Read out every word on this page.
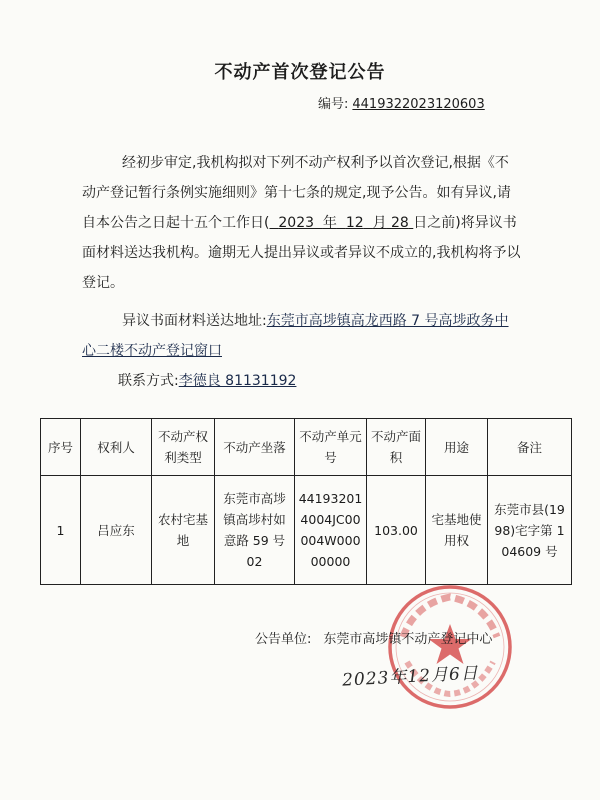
不动产首次登记公告
编号: 4419322023120603
经初步审定,我机构拟对下列不动产权利予以首次登记,根据《不动产登记暂行条例实施细则》第十七条的规定,现予公告。如有异议,请自本公告之日起十五个工作日( 2023 年 12 月 28 日之前)将异议书面材料送达我机构。逾期无人提出异议或者异议不成立的,我机构将予以登记。
异议书面材料送达地址:东莞市高埗镇高龙西路 7 号高埗政务中心二楼不动产登记窗口
联系方式:李德良 81131192
序号	权利人	不动产权利类型	不动产坐落	不动产单元号	不动产面积	用途	备注
1	吕应东	农村宅基地	东莞市高埗镇高埗村如意路 59 号 02	441932014004JC00004W00000000	103.00	宅基地使用权	东莞市县(1998)宅字第 104609 号
公告单位: 东莞市高埗镇不动产登记中心
2023年12月6日
